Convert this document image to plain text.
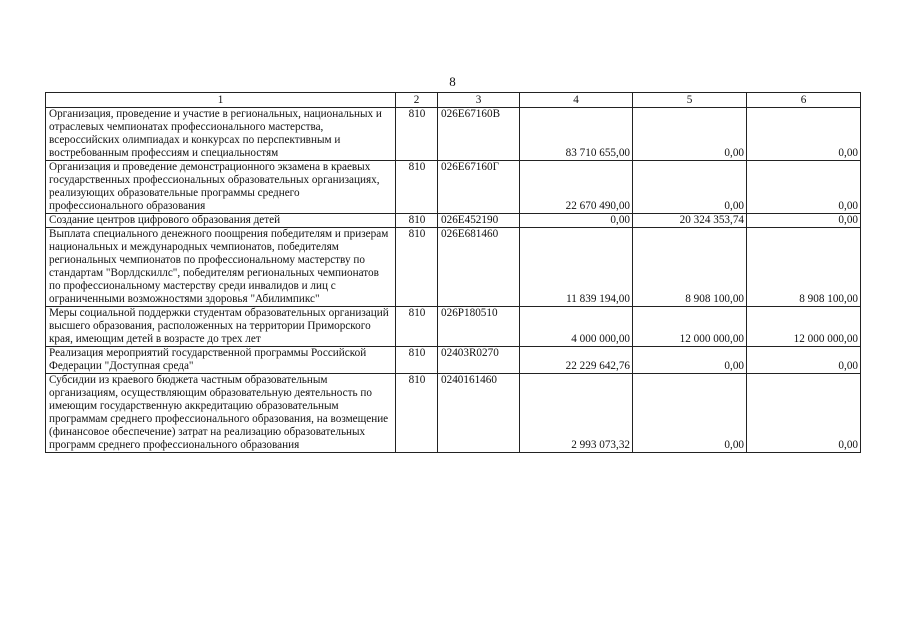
8
1	2	3	4	5	6
Организация, проведение и участие в региональных, национальных и отраслевых чемпионатах профессионального мастерства, всероссийских олимпиадах и конкурсах по перспективным и востребованным профессиям и специальностям	810	026E67160B	83 710 655,00	0,00	0,00
Организация и проведение демонстрационного экзамена в краевых государственных профессиональных образовательных организациях, реализующих образовательные программы среднего профессионального образования	810	026E67160Г	22 670 490,00	0,00	0,00
Создание центров цифрового образования детей	810	026E452190	0,00	20 324 353,74	0,00
Выплата специального денежного поощрения победителям и призерам национальных и международных чемпионатов, победителям региональных чемпионатов по профессиональному мастерству по стандартам "Ворлдскиллс", победителям региональных чемпионатов по профессиональному мастерству среди инвалидов и лиц с ограниченными возможностями здоровья "Абилимпикс"	810	026E681460	11 839 194,00	8 908 100,00	8 908 100,00
Меры социальной поддержки студентам образовательных организаций высшего образования, расположенных на территории Приморского края, имеющим детей в возрасте до трех лет	810	026P180510	4 000 000,00	12 000 000,00	12 000 000,00
Реализация мероприятий государственной программы Российской Федерации "Доступная среда"	810	02403R0270	22 229 642,76	0,00	0,00
Субсидии из краевого бюджета частным образовательным организациям, осуществляющим образовательную деятельность по имеющим государственную аккредитацию образовательным программам среднего профессионального образования, на возмещение (финансовое обеспечение) затрат на реализацию образовательных программ среднего профессионального образования	810	0240161460	2 993 073,32	0,00	0,00
